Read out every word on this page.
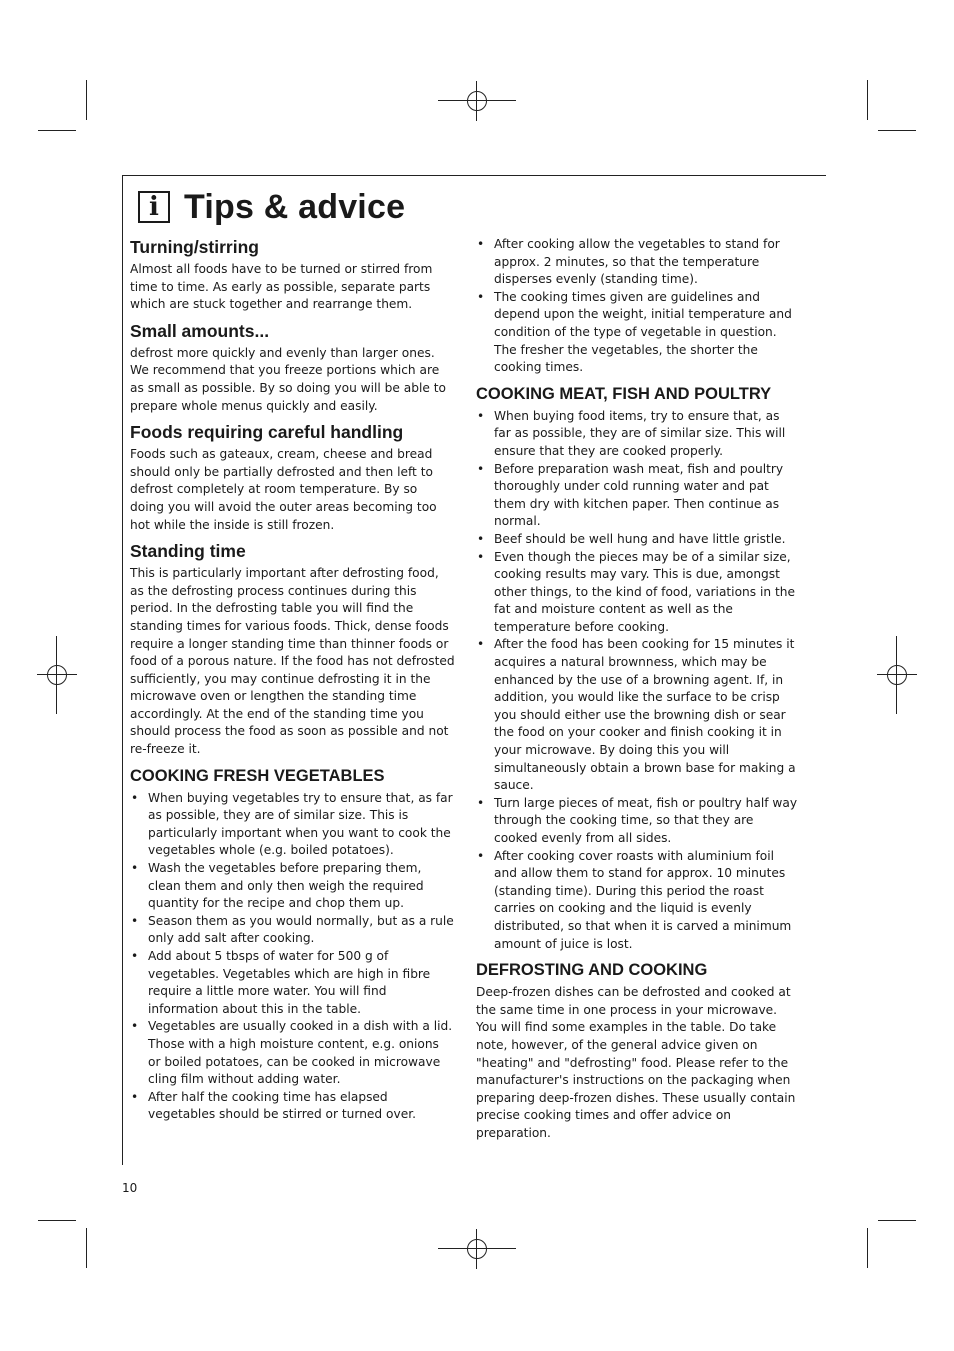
i Tips & advice
Turning/stirring

Almost all foods have to be turned or stirred from time to time. As early as possible, separate parts which are stuck together and rearrange them.

Small amounts...

defrost more quickly and evenly than larger ones. We recommend that you freeze portions which are as small as possible. By so doing you will be able to prepare whole menus quickly and easily.

Foods requiring careful handling

Foods such as gateaux, cream, cheese and bread should only be partially defrosted and then left to defrost completely at room temperature. By so doing you will avoid the outer areas becoming too hot while the inside is still frozen.

Standing time

This is particularly important after defrosting food, as the defrosting process continues during this period. In the defrosting table you will find the standing times for various foods. Thick, dense foods require a longer standing time than thinner foods or food of a porous nature. If the food has not defrosted sufficiently, you may continue defrosting it in the microwave oven or lengthen the standing time accordingly. At the end of the standing time you should process the food as soon as possible and not re-freeze it.

COOKING FRESH VEGETABLES
• When buying vegetables try to ensure that, as far as possible, they are of similar size. This is particularly important when you want to cook the vegetables whole (e.g. boiled potatoes).
• Wash the vegetables before preparing them, clean them and only then weigh the required quantity for the recipe and chop them up.
• Season them as you would normally, but as a rule only add salt after cooking.
• Add about 5 tbsps of water for 500 g of vegetables. Vegetables which are high in fibre require a little more water. You will find information about this in the table.
• Vegetables are usually cooked in a dish with a lid. Those with a high moisture content, e.g. onions or boiled potatoes, can be cooked in microwave cling film without adding water.
• After half the cooking time has elapsed vegetables should be stirred or turned over.
• After cooking allow the vegetables to stand for approx. 2 minutes, so that the temperature disperses evenly (standing time).
• The cooking times given are guidelines and depend upon the weight, initial temperature and condition of the type of vegetable in question. The fresher the vegetables, the shorter the cooking times.
COOKING MEAT, FISH AND POULTRY
• When buying food items, try to ensure that, as far as possible, they are of similar size. This will ensure that they are cooked properly.
• Before preparation wash meat, fish and poultry thoroughly under cold running water and pat them dry with kitchen paper. Then continue as normal.
• Beef should be well hung and have little gristle.
• Even though the pieces may be of a similar size, cooking results may vary. This is due, amongst other things, to the kind of food, variations in the fat and moisture content as well as the temperature before cooking.
• After the food has been cooking for 15 minutes it acquires a natural brownness, which may be enhanced by the use of a browning agent. If, in addition, you would like the surface to be crisp you should either use the browning dish or sear the food on your cooker and finish cooking it in your microwave. By doing this you will simultaneously obtain a brown base for making a sauce.
• Turn large pieces of meat, fish or poultry half way through the cooking time, so that they are cooked evenly from all sides.
• After cooking cover roasts with aluminium foil and allow them to stand for approx. 10 minutes (standing time). During this period the roast carries on cooking and the liquid is evenly distributed, so that when it is carved a minimum amount of juice is lost.
DEFROSTING AND COOKING

Deep-frozen dishes can be defrosted and cooked at the same time in one process in your microwave. You will find some examples in the table. Do take note, however, of the general advice given on "heating" and "defrosting" food. Please refer to the manufacturer's instructions on the packaging when preparing deep-frozen dishes. These usually contain precise cooking times and offer advice on preparation.

10
